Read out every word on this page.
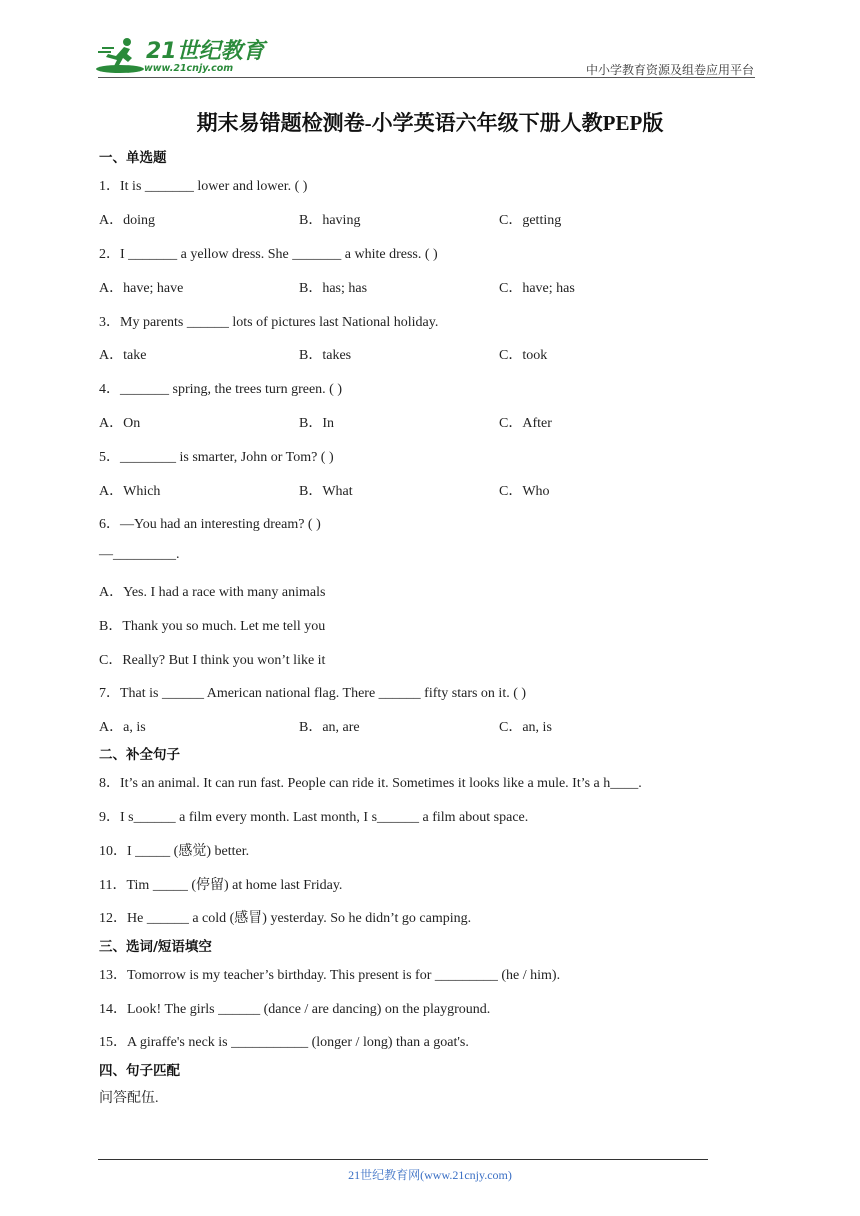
21世纪教育
www.21cnjy.com	中小学教育资源及组卷应用平台
期末易错题检测卷-小学英语六年级下册人教PEP版
一、单选题
1．It is _______ lower and lower. ( )
A．doing	B．having	C．getting
2．I _______ a yellow dress. She _______ a white dress. ( )
A．have; have	B．has; has	C．have; has
3．My parents ______ lots of pictures last National holiday.
A．take	B．takes	C．took
4．_______ spring, the trees turn green. ( )
A．On	B．In	C．After
5．________ is smarter, John or Tom? ( )
A．Which	B．What	C．Who
6．—You had an interesting dream? ( )
—_________.
A．Yes. I had a race with many animals
B．Thank you so much. Let me tell you
C．Really? But I think you won’t like it
7．That is ______ American national flag. There ______ fifty stars on it. ( )
A．a, is	B．an, are	C．an, is
二、补全句子
8．It’s an animal. It can run fast. People can ride it. Sometimes it looks like a mule. It’s a h____.
9．I s______ a film every month. Last month, I s______ a film about space.
10．I _____ (感觉) better.
11．Tim _____ (停留) at home last Friday.
12．He ______ a cold (感冒) yesterday. So he didn’t go camping.
三、选词/短语填空
13．Tomorrow is my teacher’s birthday. This present is for _________ (he / him).
14．Look! The girls ______ (dance / are dancing) on the playground.
15．A giraffe's neck is ___________ (longer / long) than a goat's.
四、句子匹配
问答配伍.
21世纪教育网(www.21cnjy.com)
